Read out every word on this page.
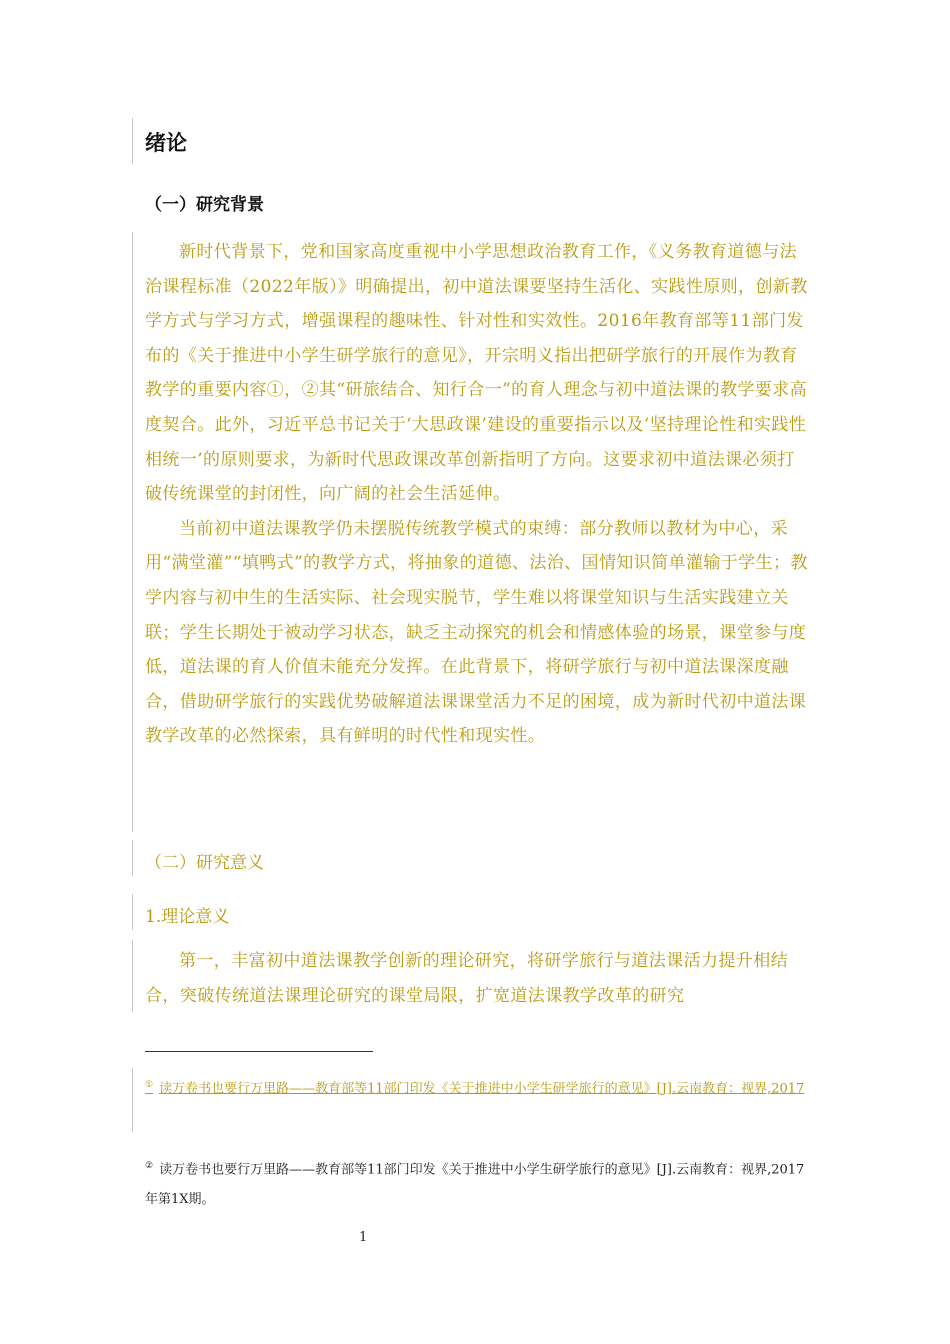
绪论
（一）研究背景

新时代背景下，党和国家高度重视中小学思想政治教育工作，《义务教育道德与法治课程标准（2022年版）》明确提出，初中道法课要坚持生活化、实践性原则，创新教学方式与学习方式，增强课程的趣味性、针对性和实效性。2016年教育部等11部门发布的《关于推进中小学生研学旅行的意见》，开宗明义指出把研学旅行的开展作为教育教学的重要内容①，②其“研旅结合、知行合一”的育人理念与初中道法课的教学要求高度契合。此外，习近平总书记关于‘大思政课’建设的重要指示以及‘坚持理论性和实践性相统一’的原则要求，为新时代思政课改革创新指明了方向。这要求初中道法课必须打破传统课堂的封闭性，向广阔的社会生活延伸。

当前初中道法课教学仍未摆脱传统教学模式的束缚：部分教师以教材为中心，采用“满堂灌”“填鸭式”的教学方式，将抽象的道德、法治、国情知识简单灌输于学生；教学内容与初中生的生活实际、社会现实脱节，学生难以将课堂知识与生活实践建立关联；学生长期处于被动学习状态，缺乏主动探究的机会和情感体验的场景，课堂参与度低，道法课的育人价值未能充分发挥。在此背景下，将研学旅行与初中道法课深度融合，借助研学旅行的实践优势破解道法课课堂活力不足的困境，成为新时代初中道法课教学改革的必然探索，具有鲜明的时代性和现实性。

（二）研究意义
1.理论意义

第一，丰富初中道法课教学创新的理论研究，将研学旅行与道法课活力提升相结合，突破传统道法课理论研究的课堂局限，扩宽道法课教学改革的研究

① 读万卷书也要行万里路——教育部等11部门印发《关于推进中小学生研学旅行的意见》[J].云南教育：视界,2017
② 读万卷书也要行万里路——教育部等11部门印发《关于推进中小学生研学旅行的意见》[J].云南教育：视界,2017年第1X期。
1
